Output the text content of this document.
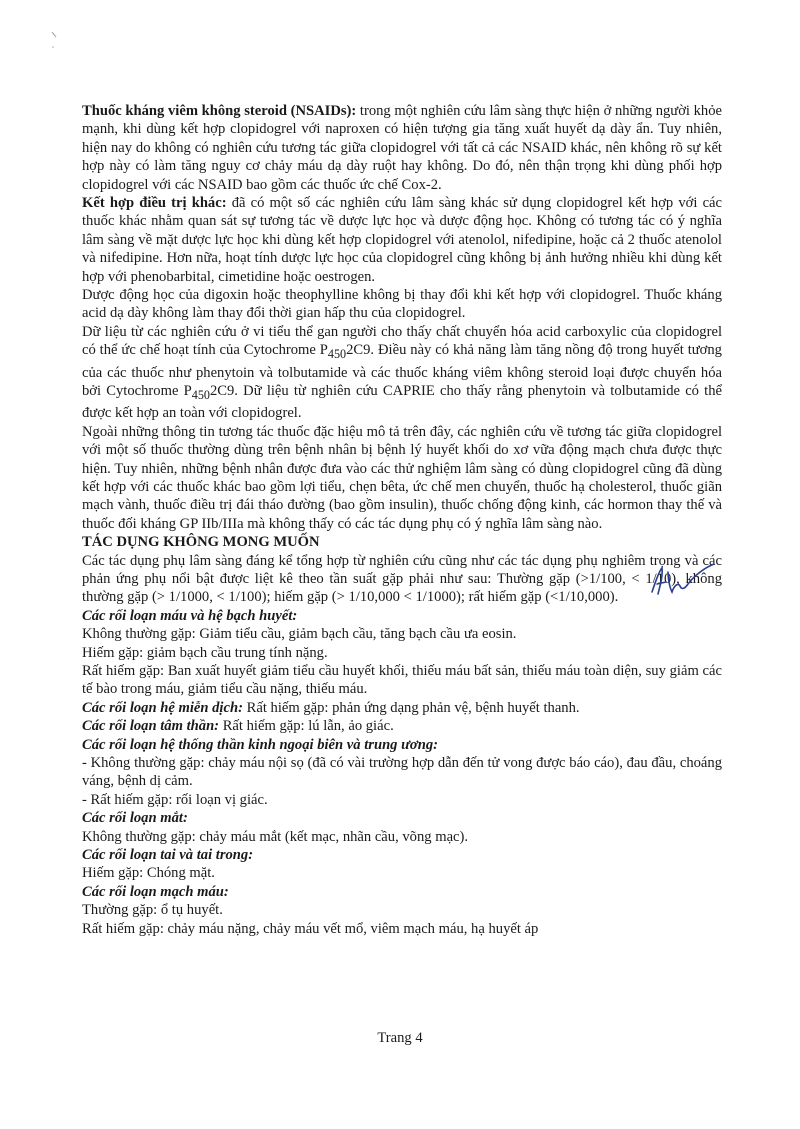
Thuốc kháng viêm không steroid (NSAIDs): trong một nghiên cứu lâm sàng thực hiện ở những người khỏe mạnh, khi dùng kết hợp clopidogrel với naproxen có hiện tượng gia tăng xuất huyết dạ dày ẩn. Tuy nhiên, hiện nay do không có nghiên cứu tương tác giữa clopidogrel với tất cả các NSAID khác, nên không rõ sự kết hợp này có làm tăng nguy cơ chảy máu dạ dày ruột hay không. Do đó, nên thận trọng khi dùng phối hợp clopidogrel với các NSAID bao gồm các thuốc ức chế Cox-2.

Kết hợp điều trị khác: đã có một số các nghiên cứu lâm sàng khác sử dụng clopidogrel kết hợp với các thuốc khác nhằm quan sát sự tương tác về dược lực học và dược động học. Không có tương tác có ý nghĩa lâm sàng về mặt dược lực học khi dùng kết hợp clopidogrel với atenolol, nifedipine, hoặc cả 2 thuốc atenolol và nifedipine. Hơn nữa, hoạt tính dược lực học của clopidogrel cũng không bị ảnh hưởng nhiều khi dùng kết hợp với phenobarbital, cimetidine hoặc oestrogen.

Dược động học của digoxin hoặc theophylline không bị thay đổi khi kết hợp với clopidogrel. Thuốc kháng acid dạ dày không làm thay đổi thời gian hấp thu của clopidogrel.

Dữ liệu từ các nghiên cứu ở vi tiểu thể gan người cho thấy chất chuyển hóa acid carboxylic của clopidogrel có thể ức chế hoạt tính của Cytochrome $P_{450}2C9$. Điều này có khả năng làm tăng nồng độ trong huyết tương của các thuốc như phenytoin và tolbutamide và các thuốc kháng viêm không steroid loại được chuyển hóa bởi Cytochrome $P_{450}2C9$. Dữ liệu từ nghiên cứu CAPRIE cho thấy rằng phenytoin và tolbutamide có thể được kết hợp an toàn với clopidogrel.

Ngoài những thông tin tương tác thuốc đặc hiệu mô tả trên đây, các nghiên cứu về tương tác giữa clopidogrel với một số thuốc thường dùng trên bệnh nhân bị bệnh lý huyết khối do xơ vữa động mạch chưa được thực hiện. Tuy nhiên, những bệnh nhân được đưa vào các thử nghiệm lâm sàng có dùng clopidogrel cũng đã dùng kết hợp với các thuốc khác bao gồm lợi tiểu, chẹn bêta, ức chế men chuyển, thuốc hạ cholesterol, thuốc giãn mạch vành, thuốc điều trị đái tháo đường (bao gồm insulin), thuốc chống động kinh, các hormon thay thế và thuốc đối kháng GP IIb/IIIa mà không thấy có các tác dụng phụ có ý nghĩa lâm sàng nào.

TÁC DỤNG KHÔNG MONG MUỐN

Các tác dụng phụ lâm sàng đáng kể tổng hợp từ nghiên cứu cũng như các tác dụng phụ nghiêm trọng và các phản ứng phụ nổi bật được liệt kê theo tần suất gặp phải như sau: Thường gặp (>1/100, < 1/10), không thường gặp (> 1/1000, < 1/100); hiếm gặp (> 1/10,000 < 1/1000); rất hiếm gặp (<1/10,000).

Các rối loạn máu và hệ bạch huyết:

Không thường gặp: Giảm tiểu cầu, giảm bạch cầu, tăng bạch cầu ưa eosin.

Hiếm gặp: giảm bạch cầu trung tính nặng.

Rất hiếm gặp: Ban xuất huyết giảm tiểu cầu huyết khối, thiếu máu bất sản, thiếu máu toàn diện, suy giảm các tế bào trong máu, giảm tiểu cầu nặng, thiếu máu.

Các rối loạn hệ miễn dịch: Rất hiếm gặp: phản ứng dạng phản vệ, bệnh huyết thanh.

Các rối loạn tâm thần: Rất hiếm gặp: lú lẫn, ảo giác.

Các rối loạn hệ thống thần kinh ngoại biên và trung ương:

- Không thường gặp: chảy máu nội sọ (đã có vài trường hợp dẫn đến tử vong được báo cáo), đau đầu, choáng váng, bệnh dị cảm.

- Rất hiếm gặp: rối loạn vị giác.

Các rối loạn mắt:

Không thường gặp: chảy máu mắt (kết mạc, nhãn cầu, võng mạc).

Các rối loạn tai và tai trong:

Hiếm gặp: Chóng mặt.

Các rối loạn mạch máu:

Thường gặp: ổ tụ huyết.

Rất hiếm gặp: chảy máu nặng, chảy máu vết mổ, viêm mạch máu, hạ huyết áp

Trang 4
